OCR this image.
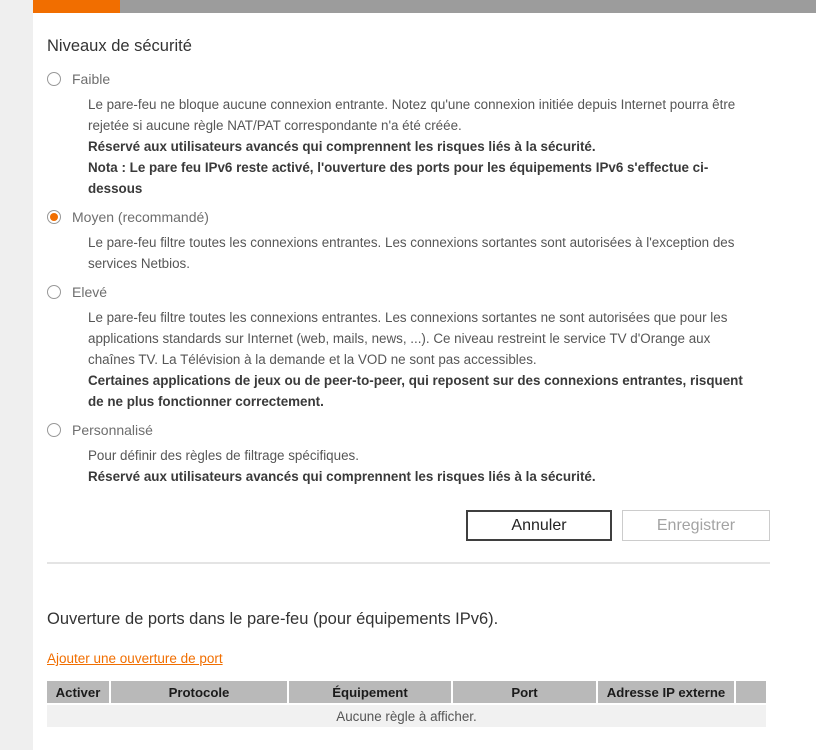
Niveaux de sécurité
Faible
Le pare-feu ne bloque aucune connexion entrante. Notez qu'une connexion initiée depuis Internet pourra être
rejetée si aucune règle NAT/PAT correspondante n'a été créée.
Réservé aux utilisateurs avancés qui comprennent les risques liés à la sécurité.
Nota : Le pare feu IPv6 reste activé, l'ouverture des ports pour les équipements IPv6 s'effectue ci-
dessous
Moyen (recommandé)
Le pare-feu filtre toutes les connexions entrantes. Les connexions sortantes sont autorisées à l'exception des
services Netbios.
Elevé
Le pare-feu filtre toutes les connexions entrantes. Les connexions sortantes ne sont autorisées que pour les
applications standards sur Internet (web, mails, news, ...). Ce niveau restreint le service TV d'Orange aux
chaînes TV. La Télévision à la demande et la VOD ne sont pas accessibles.
Certaines applications de jeux ou de peer-to-peer, qui reposent sur des connexions entrantes, risquent
de ne plus fonctionner correctement.
Personnalisé
Pour définir des règles de filtrage spécifiques.
Réservé aux utilisateurs avancés qui comprennent les risques liés à la sécurité.
Annuler	Enregistrer
Ouverture de ports dans le pare-feu (pour équipements IPv6).
Ajouter une ouverture de port
Activer	Protocole	Équipement	Port	Adresse IP externe	
Aucune règle à afficher.
